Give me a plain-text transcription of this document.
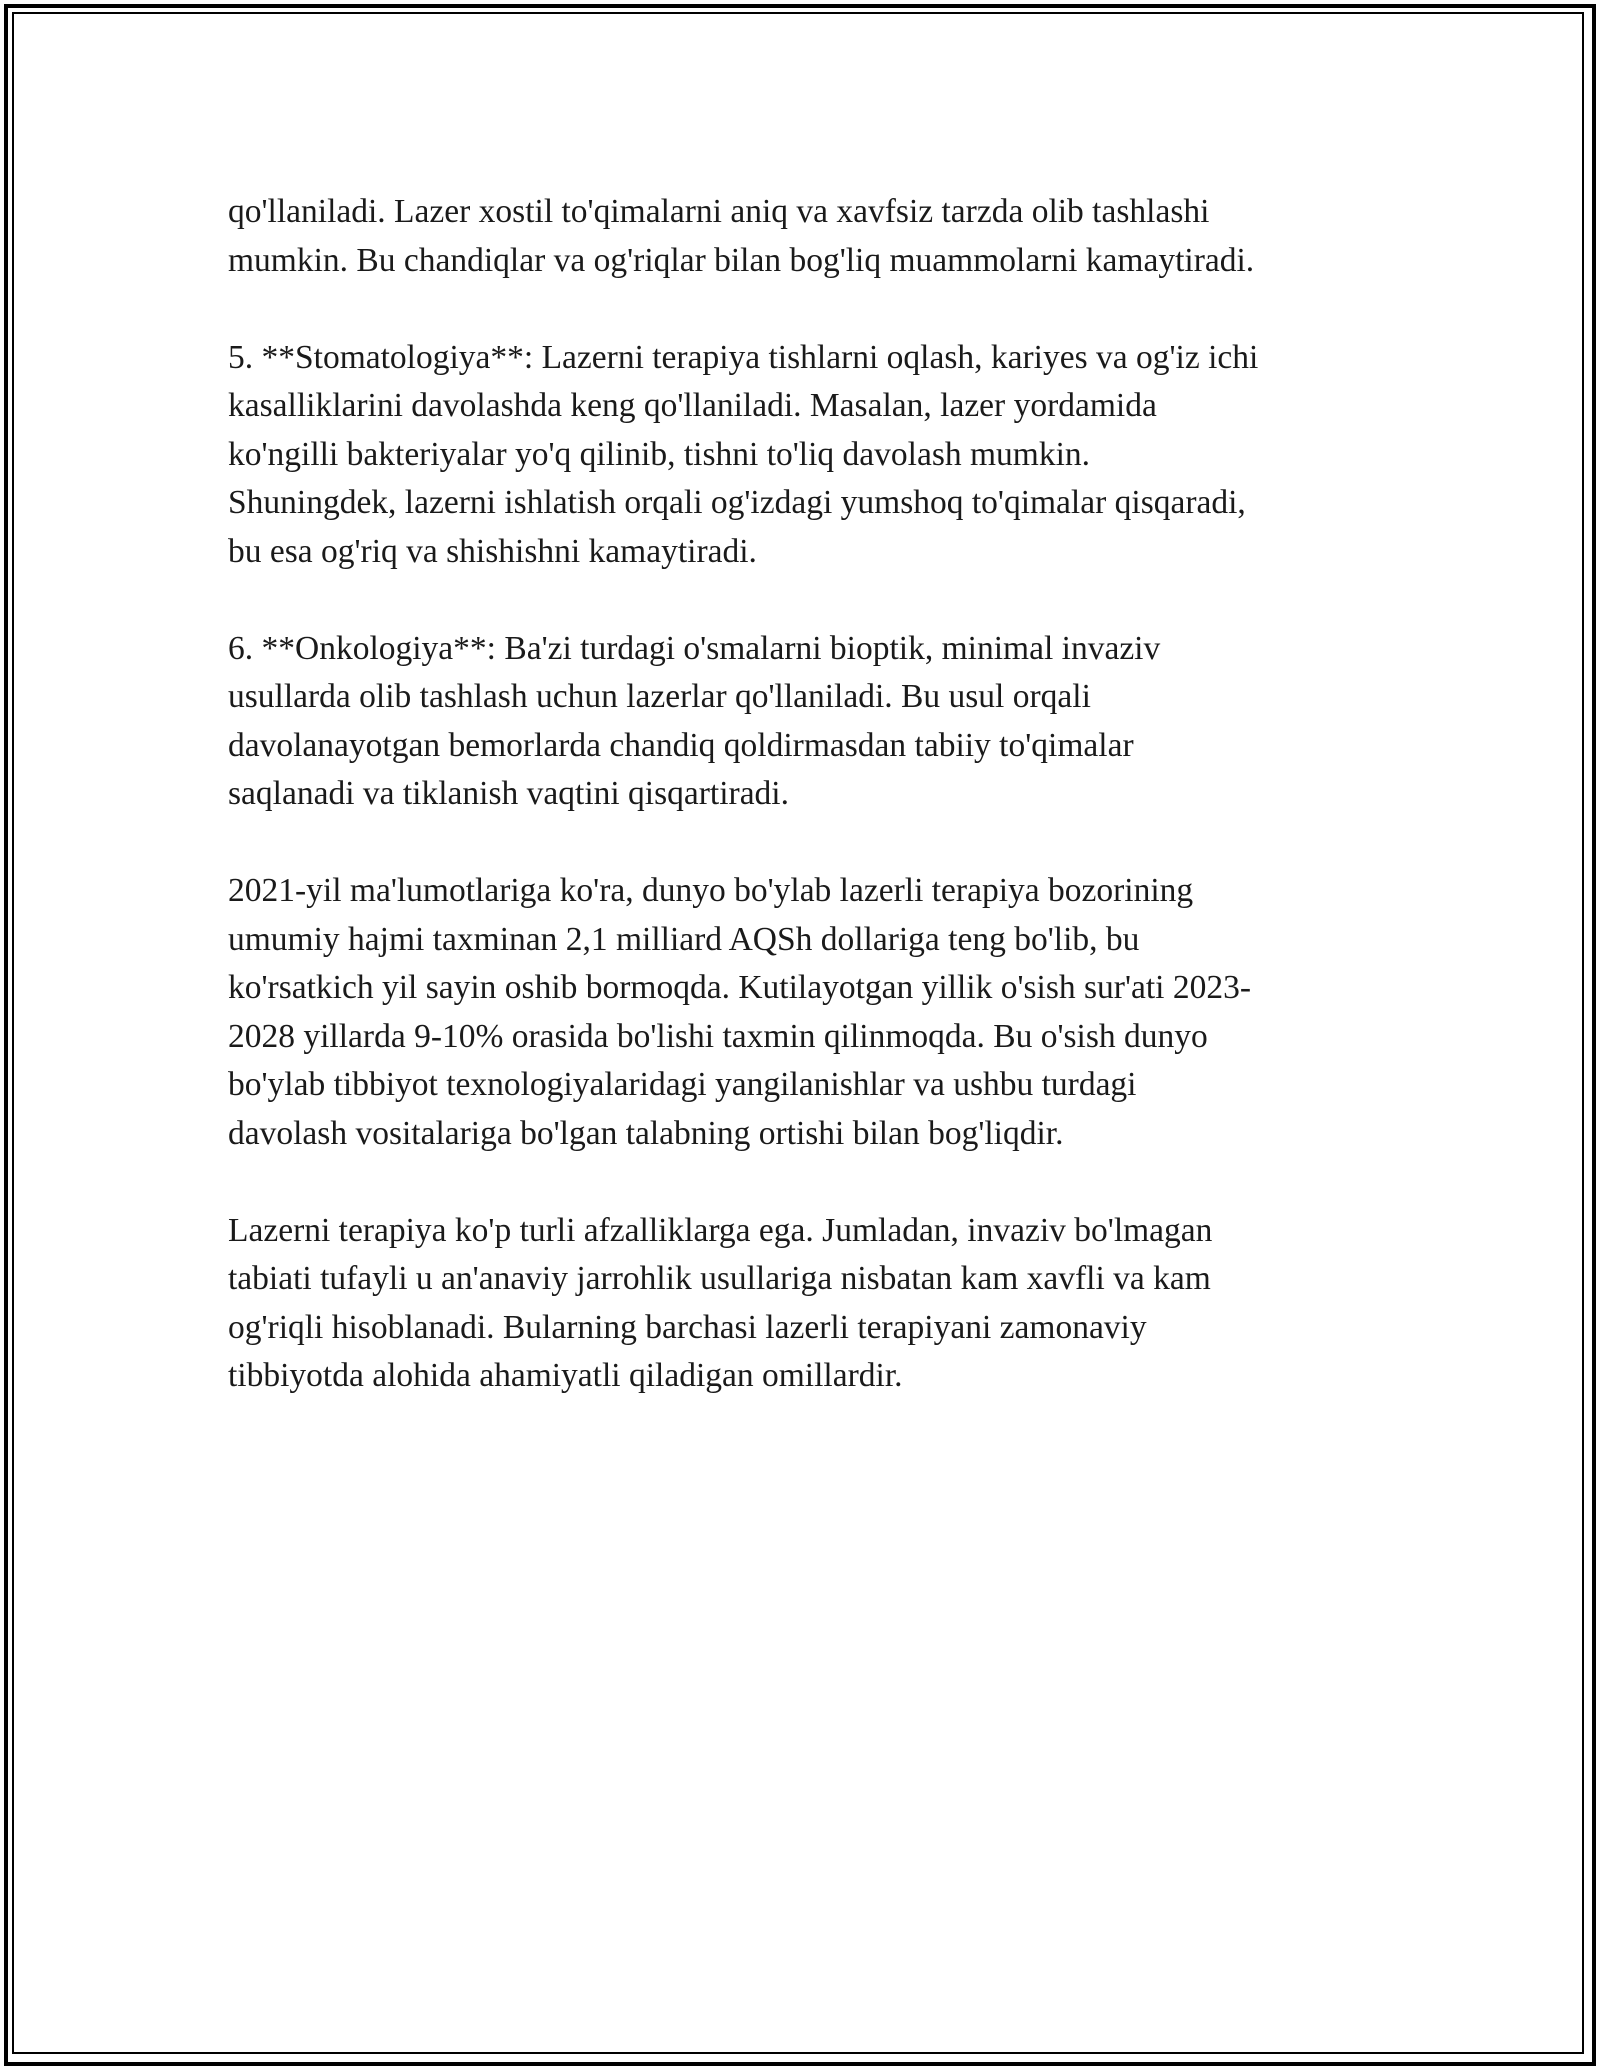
qo'llaniladi. Lazer xostil to'qimalarni aniq va xavfsiz tarzda olib tashlashi
mumkin. Bu chandiqlar va og'riqlar bilan bog'liq muammolarni kamaytiradi.

5. **Stomatologiya**: Lazerni terapiya tishlarni oqlash, kariyes va og'iz ichi
kasalliklarini davolashda keng qo'llaniladi. Masalan, lazer yordamida
ko'ngilli bakteriyalar yo'q qilinib, tishni to'liq davolash mumkin.
Shuningdek, lazerni ishlatish orqali og'izdagi yumshoq to'qimalar qisqaradi,
bu esa og'riq va shishishni kamaytiradi.

6. **Onkologiya**: Ba'zi turdagi o'smalarni bioptik, minimal invaziv
usullarda olib tashlash uchun lazerlar qo'llaniladi. Bu usul orqali
davolanayotgan bemorlarda chandiq qoldirmasdan tabiiy to'qimalar
saqlanadi va tiklanish vaqtini qisqartiradi.

2021-yil ma'lumotlariga ko'ra, dunyo bo'ylab lazerli terapiya bozorining
umumiy hajmi taxminan 2,1 milliard AQSh dollariga teng bo'lib, bu
ko'rsatkich yil sayin oshib bormoqda. Kutilayotgan yillik o'sish sur'ati 2023-
2028 yillarda 9-10% orasida bo'lishi taxmin qilinmoqda. Bu o'sish dunyo
bo'ylab tibbiyot texnologiyalaridagi yangilanishlar va ushbu turdagi
davolash vositalariga bo'lgan talabning ortishi bilan bog'liqdir.

Lazerni terapiya ko'p turli afzalliklarga ega. Jumladan, invaziv bo'lmagan
tabiati tufayli u an'anaviy jarrohlik usullariga nisbatan kam xavfli va kam
og'riqli hisoblanadi. Bularning barchasi lazerli terapiyani zamonaviy
tibbiyotda alohida ahamiyatli qiladigan omillardir.
